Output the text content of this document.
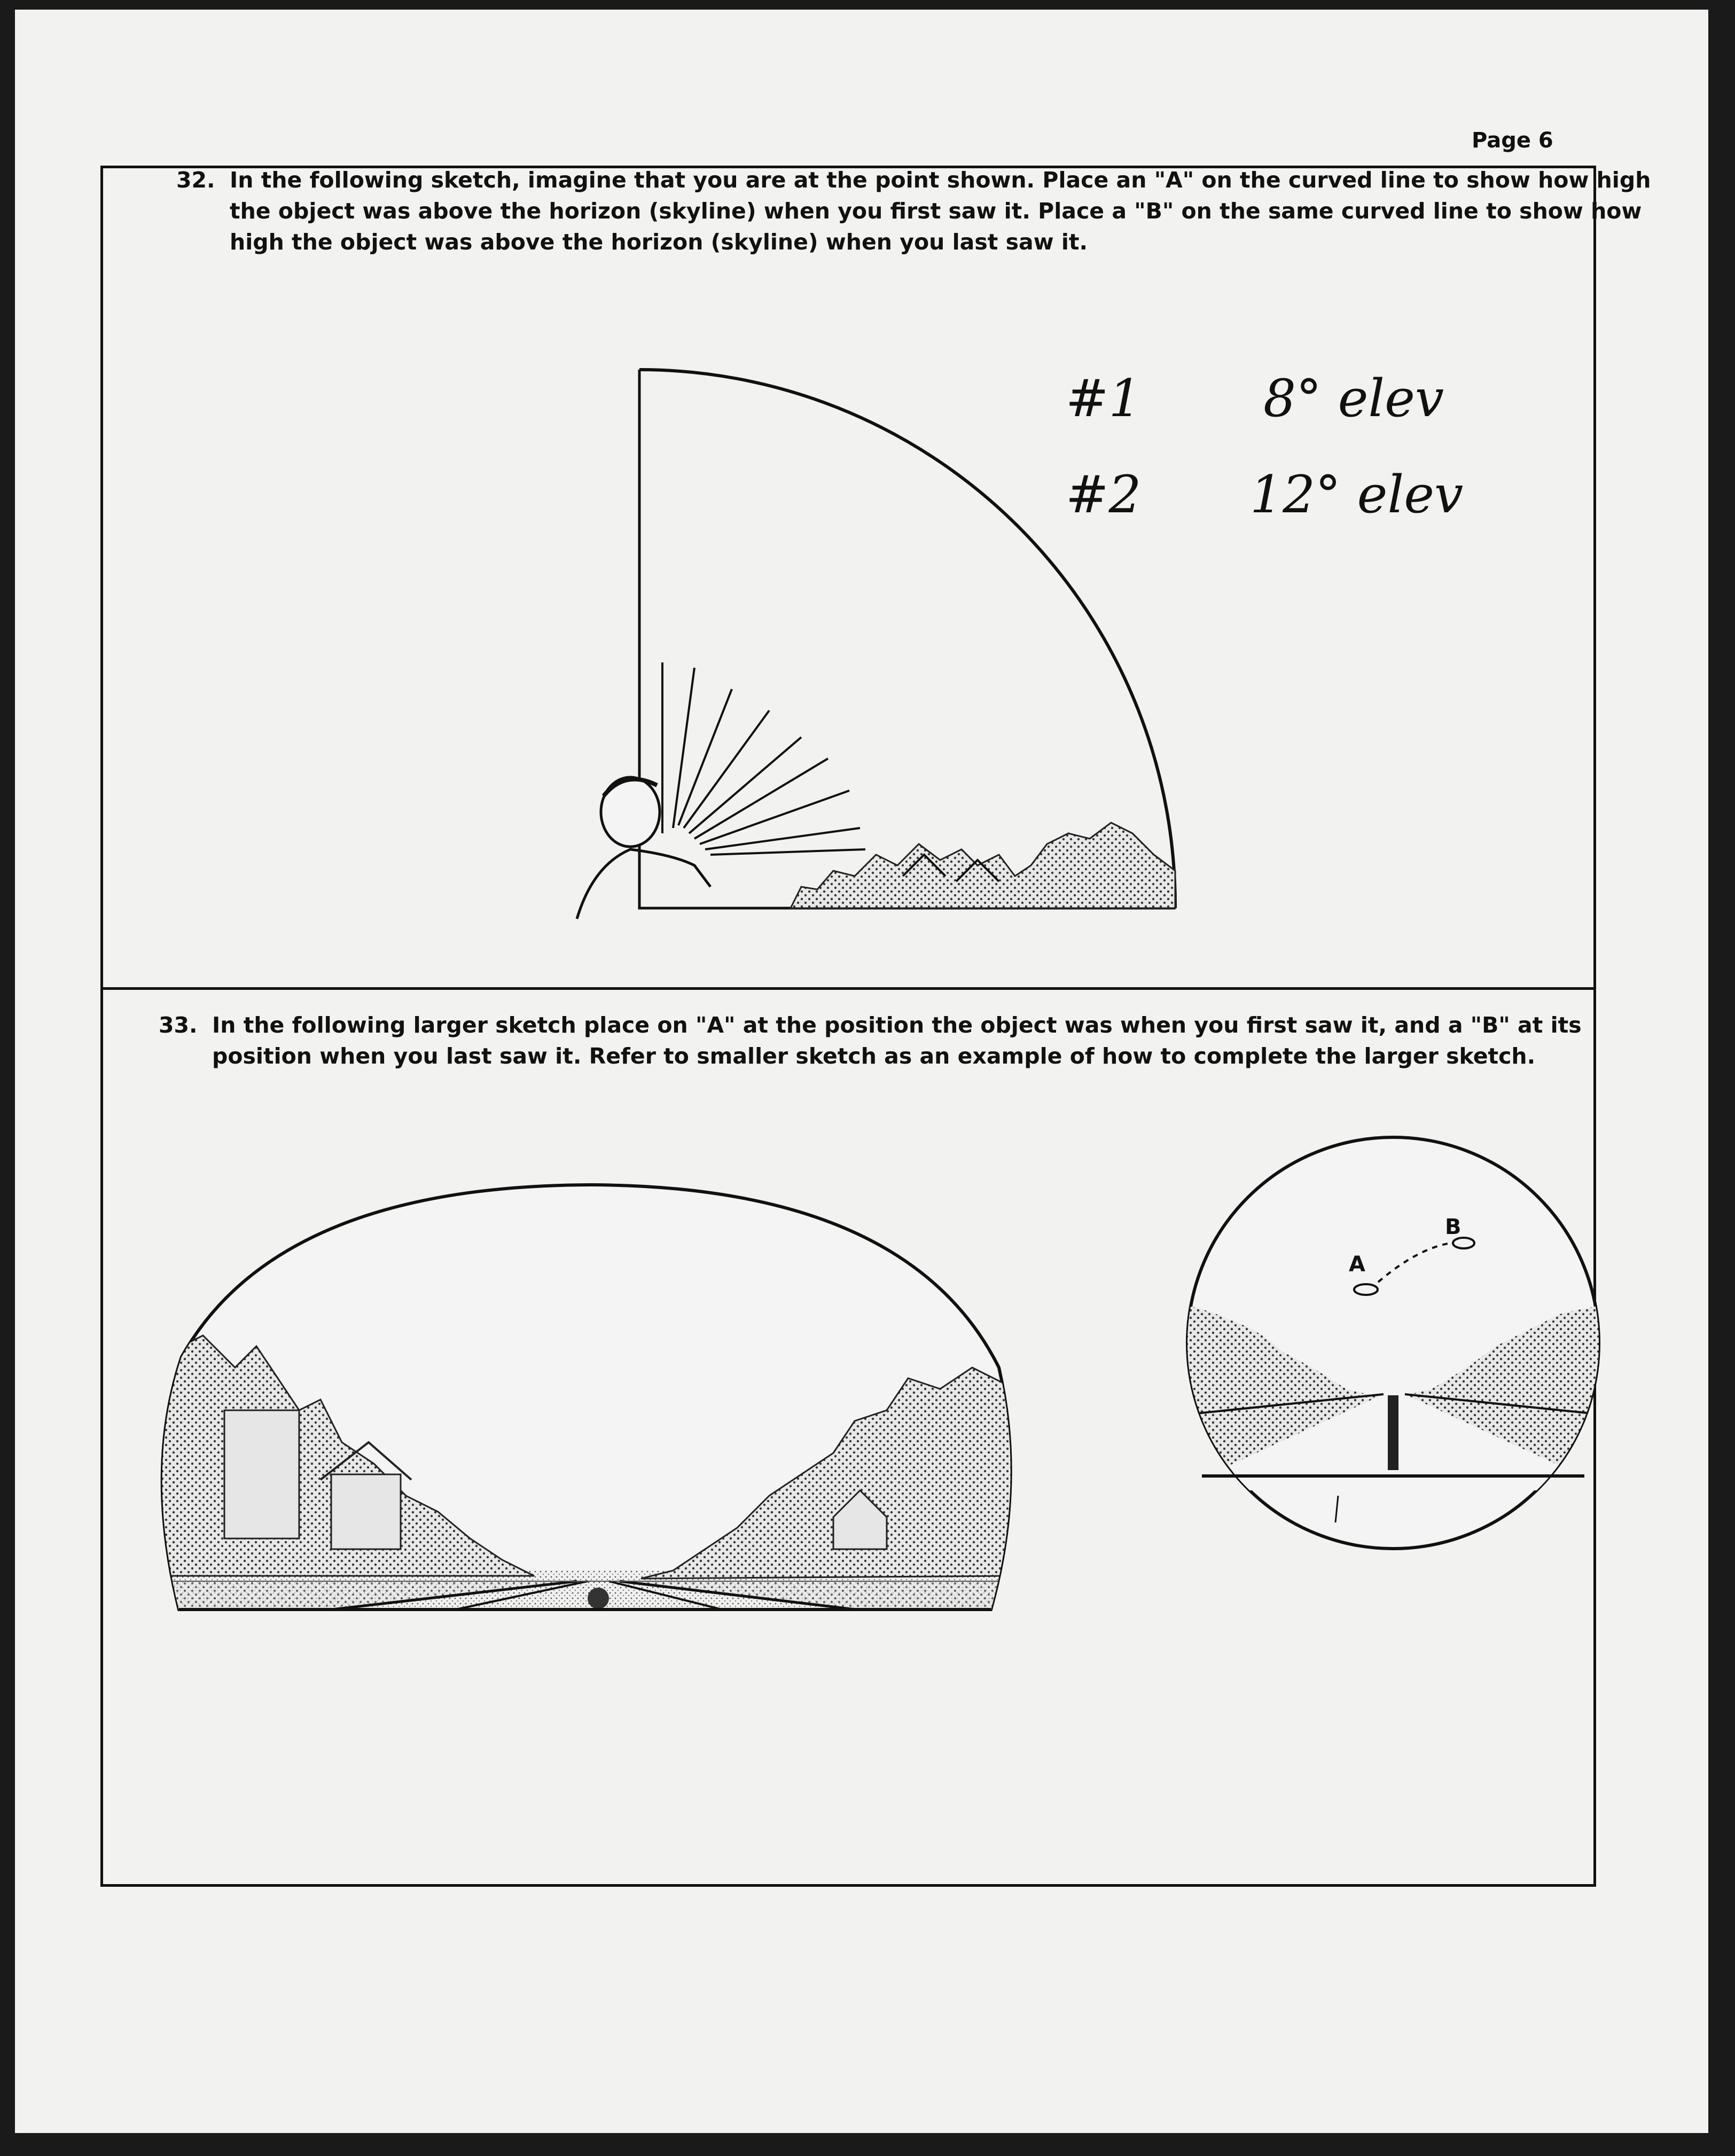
Page 6
32. In the following sketch, imagine that you are at the point shown. Place an "A" on the curved line to show how high the object was above the horizon (skyline) when you first saw it. Place a "B" on the same curved line to show how high the object was above the horizon (skyline) when you last saw it.
33. In the following larger sketch place on "A" at the position the object was when you first saw it, and a "B" at its position when you last saw it. Refer to smaller sketch as an example of how to complete the larger sketch.
A
B
#1 8° elev
#2 12° elev
